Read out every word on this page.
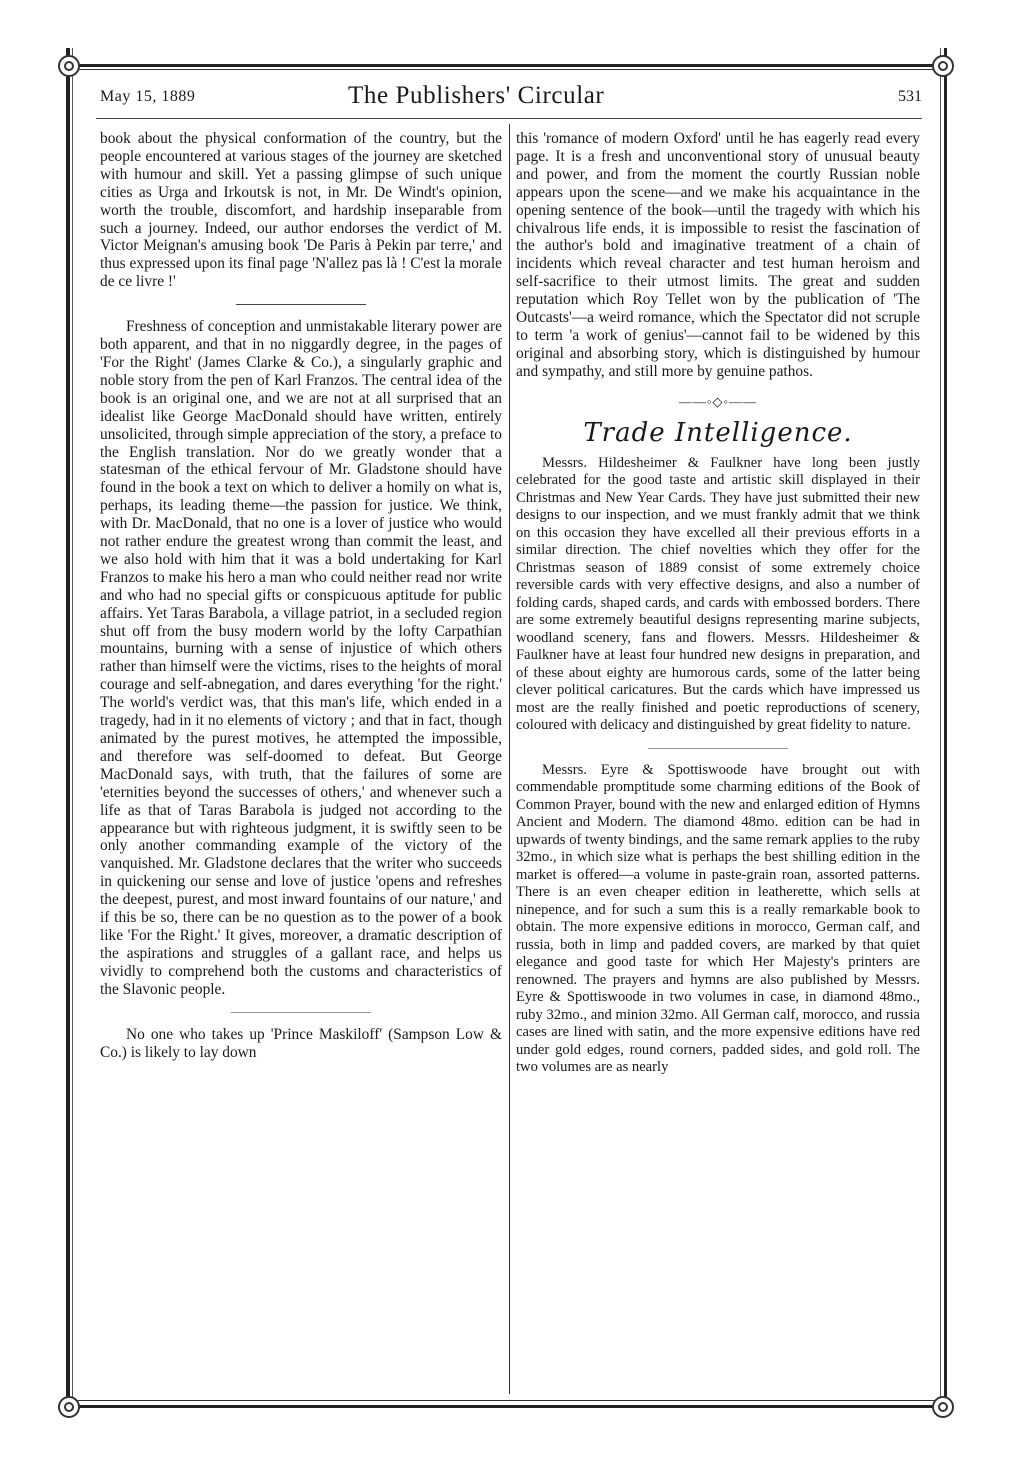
May 15, 1889	The Publishers' Circular	531

book about the physical conformation of the country, but the people encountered at various stages of the journey are sketched with humour and skill. Yet a passing glimpse of such unique cities as Urga and Irkoutsk is not, in Mr. De Windt's opinion, worth the trouble, discomfort, and hardship inseparable from such a journey. Indeed, our author endorses the verdict of M. Victor Meignan's amusing book 'De Paris à Pekin par terre,' and thus expressed upon its final page 'N'allez pas là ! C'est la morale de ce livre !'

Freshness of conception and unmistakable literary power are both apparent, and that in no niggardly degree, in the pages of 'For the Right' (James Clarke & Co.), a singularly graphic and noble story from the pen of Karl Franzos. The central idea of the book is an original one, and we are not at all surprised that an idealist like George MacDonald should have written, entirely unsolicited, through simple appreciation of the story, a preface to the English translation. Nor do we greatly wonder that a statesman of the ethical fervour of Mr. Gladstone should have found in the book a text on which to deliver a homily on what is, perhaps, its leading theme—the passion for justice. We think, with Dr. MacDonald, that no one is a lover of justice who would not rather endure the greatest wrong than commit the least, and we also hold with him that it was a bold undertaking for Karl Franzos to make his hero a man who could neither read nor write and who had no special gifts or conspicuous aptitude for public affairs. Yet Taras Barabola, a village patriot, in a secluded region shut off from the busy modern world by the lofty Carpathian mountains, burning with a sense of injustice of which others rather than himself were the victims, rises to the heights of moral courage and self-abnegation, and dares everything 'for the right.' The world's verdict was, that this man's life, which ended in a tragedy, had in it no elements of victory ; and that in fact, though animated by the purest motives, he attempted the impossible, and therefore was self-doomed to defeat. But George MacDonald says, with truth, that the failures of some are 'eternities beyond the successes of others,' and whenever such a life as that of Taras Barabola is judged not according to the appearance but with righteous judgment, it is swiftly seen to be only another commanding example of the victory of the vanquished. Mr. Gladstone declares that the writer who succeeds in quickening our sense and love of justice 'opens and refreshes the deepest, purest, and most inward fountains of our nature,' and if this be so, there can be no question as to the power of a book like 'For the Right.' It gives, moreover, a dramatic description of the aspirations and struggles of a gallant race, and helps us vividly to comprehend both the customs and characteristics of the Slavonic people.

No one who takes up 'Prince Maskiloff' (Sampson Low & Co.) is likely to lay down

this 'romance of modern Oxford' until he has eagerly read every page. It is a fresh and unconventional story of unusual beauty and power, and from the moment the courtly Russian noble appears upon the scene—and we make his acquaintance in the opening sentence of the book—until the tragedy with which his chivalrous life ends, it is impossible to resist the fascination of the author's bold and imaginative treatment of a chain of incidents which reveal character and test human heroism and self-sacrifice to their utmost limits. The great and sudden reputation which Roy Tellet won by the publication of 'The Outcasts'—a weird romance, which the Spectator did not scruple to term 'a work of genius'—cannot fail to be widened by this original and absorbing story, which is distinguished by humour and sympathy, and still more by genuine pathos.

——◦◇◦——
Trade Intelligence.

Messrs. Hildesheimer & Faulkner have long been justly celebrated for the good taste and artistic skill displayed in their Christmas and New Year Cards. They have just submitted their new designs to our inspection, and we must frankly admit that we think on this occasion they have excelled all their previous efforts in a similar direction. The chief novelties which they offer for the Christmas season of 1889 consist of some extremely choice reversible cards with very effective designs, and also a number of folding cards, shaped cards, and cards with embossed borders. There are some extremely beautiful designs representing marine subjects, woodland scenery, fans and flowers. Messrs. Hildesheimer & Faulkner have at least four hundred new designs in preparation, and of these about eighty are humorous cards, some of the latter being clever political caricatures. But the cards which have impressed us most are the really finished and poetic reproductions of scenery, coloured with delicacy and distinguished by great fidelity to nature.

Messrs. Eyre & Spottiswoode have brought out with commendable promptitude some charming editions of the Book of Common Prayer, bound with the new and enlarged edition of Hymns Ancient and Modern. The diamond 48mo. edition can be had in upwards of twenty bindings, and the same remark applies to the ruby 32mo., in which size what is perhaps the best shilling edition in the market is offered—a volume in paste-grain roan, assorted patterns. There is an even cheaper edition in leatherette, which sells at ninepence, and for such a sum this is a really remarkable book to obtain. The more expensive editions in morocco, German calf, and russia, both in limp and padded covers, are marked by that quiet elegance and good taste for which Her Majesty's printers are renowned. The prayers and hymns are also published by Messrs. Eyre & Spottiswoode in two volumes in case, in diamond 48mo., ruby 32mo., and minion 32mo. All German calf, morocco, and russia cases are lined with satin, and the more expensive editions have red under gold edges, round corners, padded sides, and gold roll. The two volumes are as nearly
